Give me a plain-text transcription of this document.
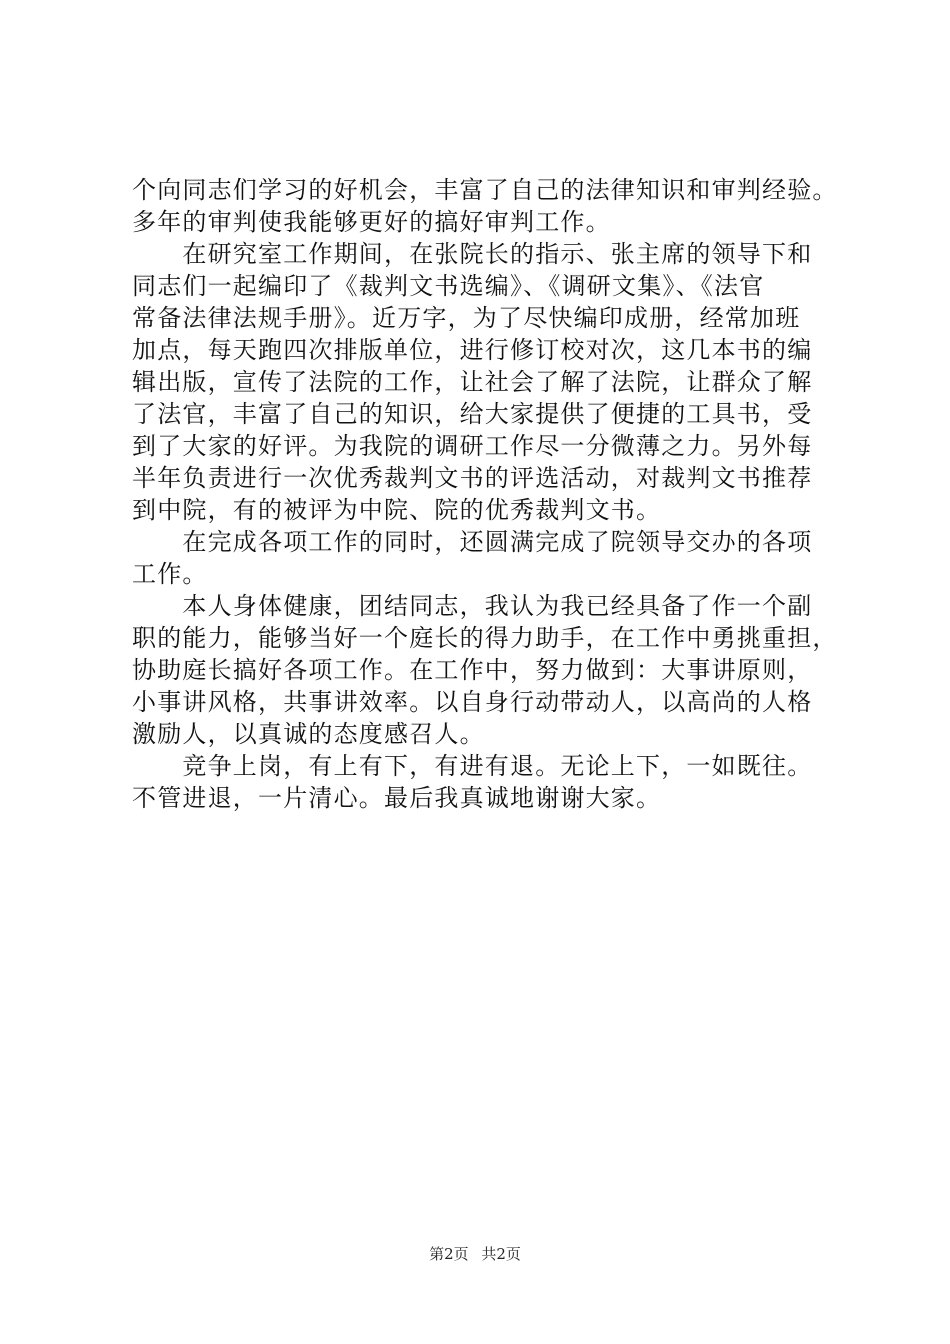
个向同志们学习的好机会，丰富了自己的法律知识和审判经验。
多年的审判使我能够更好的搞好审判工作。
　　在研究室工作期间，在张院长的指示、张主席的领导下和
同志们一起编印了《裁判文书选编》、《调研文集》、《法官
常备法律法规手册》。近万字，为了尽快编印成册，经常加班
加点，每天跑四次排版单位，进行修订校对次，这几本书的编
辑出版，宣传了法院的工作，让社会了解了法院，让群众了解
了法官，丰富了自己的知识，给大家提供了便捷的工具书，受
到了大家的好评。为我院的调研工作尽一分微薄之力。另外每
半年负责进行一次优秀裁判文书的评选活动，对裁判文书推荐
到中院，有的被评为中院、院的优秀裁判文书。
　　在完成各项工作的同时，还圆满完成了院领导交办的各项
工作。
　　本人身体健康，团结同志，我认为我已经具备了作一个副
职的能力，能够当好一个庭长的得力助手，在工作中勇挑重担，
协助庭长搞好各项工作。在工作中，努力做到：大事讲原则，
小事讲风格，共事讲效率。以自身行动带动人，以高尚的人格
激励人，以真诚的态度感召人。
　　竞争上岗，有上有下，有进有退。无论上下，一如既往。
不管进退，一片清心。最后我真诚地谢谢大家。
第2页 共2页
